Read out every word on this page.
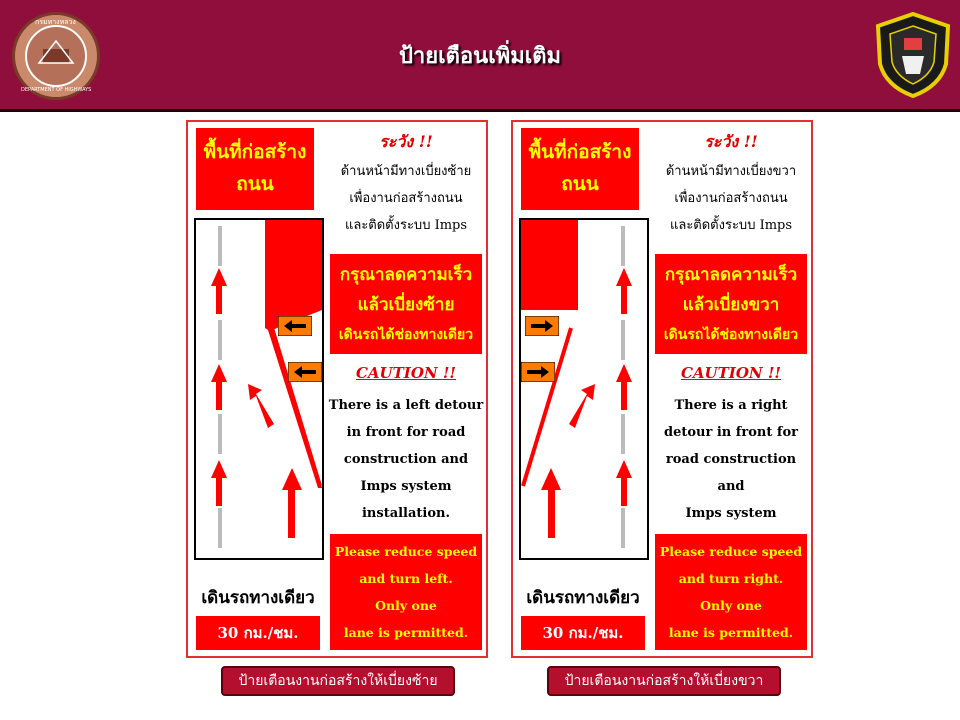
กรมทางหลวง
DEPARTMENT OF HIGHWAYS
ป้ายเตือนเพิ่มเติม
พื้นที่ก่อสร้าง ถนน
ระวัง !!
ด้านหน้ามีทางเบี่ยงซ้าย
เพื่องานก่อสร้างถนน
และติดตั้งระบบ Imps
กรุณาลดความเร็ว
แล้วเบี่ยงซ้าย
เดินรถได้ช่องทางเดียว
CAUTION !!
There is a left detour
in front for road
construction and
Imps system
installation.
เดินรถทางเดียว
30 กม./ชม.
Please reduce speed
and turn left.
Only one
lane is permitted.
พื้นที่ก่อสร้าง ถนน
ระวัง !!
ด้านหน้ามีทางเบี่ยงขวา
เพื่องานก่อสร้างถนน
และติดตั้งระบบ Imps
กรุณาลดความเร็ว
แล้วเบี่ยงขวา
เดินรถได้ช่องทางเดียว
CAUTION !!
There is a right
detour in front for
road construction and
Imps system
เดินรถทางเดียว
30 กม./ชม.
Please reduce speed
and turn right.
Only one
lane is permitted.
ป้ายเตือนงานก่อสร้างให้เบี่ยงซ้าย	ป้ายเตือนงานก่อสร้างให้เบี่ยงขวา
